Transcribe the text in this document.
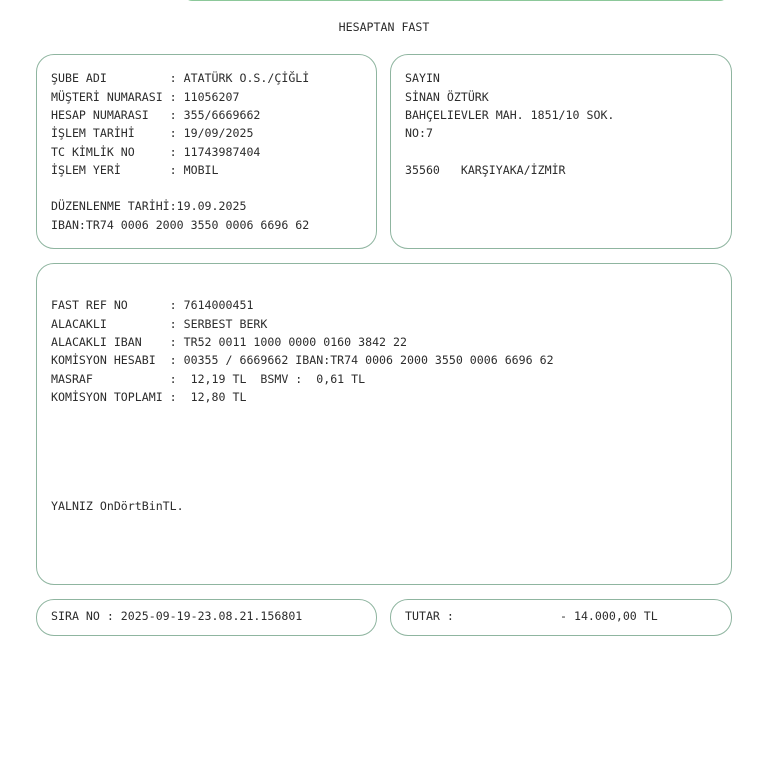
HESAPTAN FAST
ŞUBE ADI         : ATATÜRK O.S./ÇİĞLİ
MÜŞTERİ NUMARASI : 11056207
HESAP NUMARASI   : 355/6669662
İŞLEM TARİHİ     : 19/09/2025
TC KİMLİK NO     : 11743987404
İŞLEM YERİ       : MOBIL
DÜZENLENME TARİHİ:19.09.2025
IBAN:TR74 0006 2000 3550 0006 6696 62
SAYIN
SİNAN ÖZTÜRK
BAHÇELIEVLER MAH. 1851/10 SOK.
NO:7
35560   KARŞIYAKA/İZMİR
FAST REF NO      : 7614000451
ALACAKLI         : SERBEST BERK
ALACAKLI IBAN    : TR52 0011 1000 0000 0160 3842 22
KOMİSYON HESABI  : 00355 / 6669662 IBAN:TR74 0006 2000 3550 0006 6696 62
MASRAF           :  12,19 TL  BSMV :  0,61 TL
KOMİSYON TOPLAMI :  12,80 TL
YALNIZ OnDörtBinTL.
SIRA NO : 2025-09-19-23.08.21.156801	TUTAR :	- 14.000,00 TL
